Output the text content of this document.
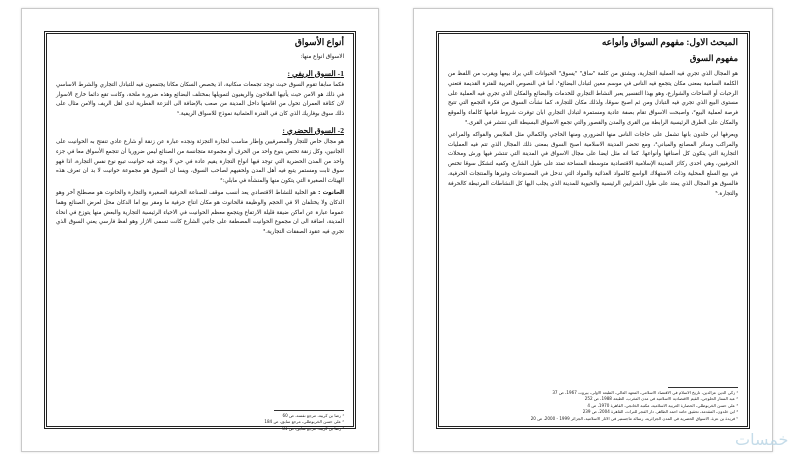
أنواع الأسواق

الاسواق انواع منها:

1- السوق الريفي :

فكما سابقا تقوم السوق حيث توجد تجمعات سكانية، اذ يخصص السكان مكانا يجتمعون فيه للتبادل التجاري والشرط الاساسي في ذلك هو الامن حيث يأتيها الفلاحون والريفيون لتمويلها بمختلف البضائع وهذه ضرورة ملحة، وكانت تقع دائما خارج الاسوار لان كثافة العمران تحول من اقامتها داخل المدينة من صعب بالإضافة الى النزعة الفطرية لدى اهل الريف والامن مثال على ذلك سوق بوفاريك الذي كان في الفترة العثمانية نموذج للاسواق الريفية.¹

2- السوق الحضري :

هو مجال خاص للتجار والمصرفيين وإطار مناسب لتجارة التجزئة ونجده عبارة عن زنقة أو شارع عادي تنفتح به الحوانيت على الجانبين، وكل زنقة تختص بنوع واحد من الحرف أو مجموعة متجانسة من الصنائع ليس ضروريا أن تتجمع الأسواق معا في جزء واحد من المدن الحضرية التي توجد فيها انواع التجارة يقيم عادة في حي لا يوجد فيه حوانيت تبيع نوع نفس التجارة، اذا فهو سوق ثابت ومستمر يتبع فيه أهل المدن ولحفيهم لصاحب السوق، ويسا ان السوق هو مجموعة حوانيت لا بد ان تعرف هذه الهيئات الصغيرة التي يتكون منها والمنشأة في مابلي:²

الحانوت : هو الخلية للنشاط الاقتصادي يعد أنسب موقف للصناعة الحرفية الصغيرة والتجارة والحانوت هو مصطلح آخر وهو الدكان ولا يختلفان الا في الحجم والوظيفة فالحانوت هو مكان انتاج حرفية ما ومقر بيع اما الدكان محل لعرض الصنائع وهما عموما عبارة عن اماكن ضيقة قليلة الارتفاع ويتجمع معظم الحوانيت في الاحياء الرئيسية التجارية والبعض منها يتوزع في انحاء المدينة، اضافة الى ان مجموع الحوانيت المصطفة على جانبي الشارع كانت تسمى الازار وهو لفظ فارسي يعني السوق الذي تجري فيه عقود الصفقات التجارية.³

¹ رضا بن كريبة، مرجع نفسه، ص 60
² علي حسن الخربوطلي، مرجع سابق، ص 184
³ رضا بن كريبة، مرجع سابق، ص 81
المبحث الاول: مفهوم السواق وأنواعه
مفهوم السوق

هو المجال الذي تجري فيه العملية التجارية، ويشتق من كلمة "ساق" "يسوق" الحيوانات التي يراد بيعها ويقرب من اللفظ من الكلمة السامية بمعنى مكان يتجمع فيه الناس في موسم معين لتبادل البضائع¹، أما في النصوص العربية للفترة القديمة فتعني الرحبات أو الساحات والشوارع، وهو بهذا التفسير يعبر النشاط التجاري للخدمات والبضائع والمكان الذي تجري فيه العملية على مستوى البيع الذي تجري فيه التبادل ومن ثم اصبح سوقا، ولذلك مكان للتجارة، كما نشأت السوق من فكرة التجمع التي تتيح فرصة لعملية البيع²، واصبحت الاسواق تقام بصفة عادية ومستمرة لتبادل التجاري ابان توفرت شروط قيامها كالماء والموقع والمكان على الطرق الرئيسية الرابطة بين القرى والمدن والقصور والتي تجمع الاسواق البسيطة التي تنتشر في القرى.³

ويعرفها ابن خلدون بانها تشمل على حاجات الناس منها الضروري ومنها الحاجي والكمالي مثل الملابس والفواكه والمراعي والمراكب وسائر المصانع والمباني⁴، ومع تحضر المدينة الاسلامية اصبح السوق بمعنى ذلك المجال الذي تتم فيه العمليات التجارية التي يتكون كل أصنافها وأنواعها. كما انه مثل ايضا على مجال الاسواق في المدينة التي تنتشر فيها ورش ومحلات الحرفيين، وهي احدى ركائز المدينة الإسلامية الاقتصادية متوسطة المساحة تمتد على طول الشارع، وكفيه لتشكل سوقا تختص في بيع السلع المحلية وذات الاستهلاك الواسع كالمواد الغذائية والمواد التي تدخل في المصنوعات وغيرها والمنتجات الحرفية، فالسوق هو المجال الذي يمتد على طول الشرايين الرئيسية والحيوية للمدينة الذي يجلب اليها كل النشاطات المرتبطة كالحرفة والتجارة.⁵

¹ زكي الدين عزالدين، تاريخ الاسلام في الاقتصاد الاسلامي، المعهد العالي، الطبعة الاولى، بيروت 1967، ص 37
² عبد الستار الحلوجي، القيم الاقتصادية الاسلامية في مدن المغرب، الطبعة 1988، ص 252
³ علي حسن الخربوطلي، الحضارة العربية الاسلامية، مكتبة الخانجي، القاهرة 1970، ص 4
⁴ ابن خلدون، المقدمة، تحقيق حامد احمد الطاهر، دار الفجر للتراث، القاهرة 2004، ص 239
⁵ فريدة بن عزة، الاسواق الحضرية في المدن الجزائرية، رسالة ماجستير في الاثار الاسلامية، الجزائر 1999 - 2000، ص 20
خمسات
